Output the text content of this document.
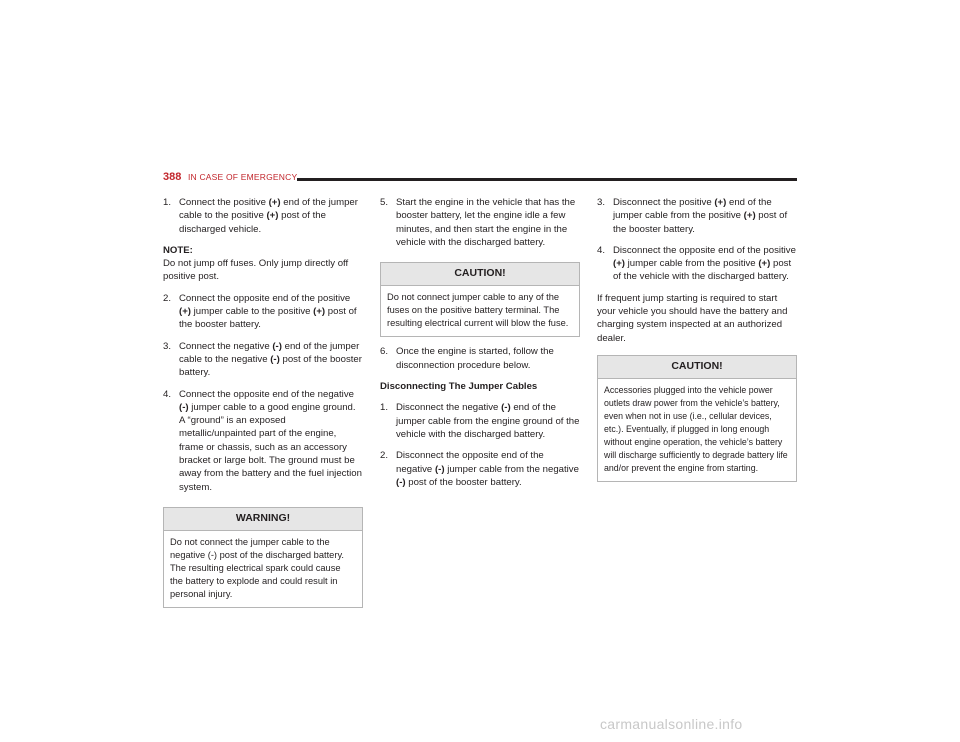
388 IN CASE OF EMERGENCY
1. Connect the positive (+) end of the jumper cable to the positive (+) post of the discharged vehicle.

NOTE:

Do not jump off fuses. Only jump directly off positive post.

2. Connect the opposite end of the positive (+) jumper cable to the positive (+) post of the booster battery.
3. Connect the negative (-) end of the jumper cable to the negative (-) post of the booster battery.
4. Connect the opposite end of the negative (-) jumper cable to a good engine ground. A “ground” is an exposed metallic/unpainted part of the engine, frame or chassis, such as an accessory bracket or large bolt. The ground must be away from the battery and the fuel injection system.
WARNING!
Do not connect the jumper cable to the negative (-) post of the discharged battery. The resulting electrical spark could cause the battery to explode and could result in personal injury.
5. Start the engine in the vehicle that has the booster battery, let the engine idle a few minutes, and then start the engine in the vehicle with the discharged battery.
CAUTION!
Do not connect jumper cable to any of the fuses on the positive battery terminal. The resulting electrical current will blow the fuse.
6. Once the engine is started, follow the disconnection procedure below.

Disconnecting The Jumper Cables

1. Disconnect the negative (-) end of the jumper cable from the engine ground of the vehicle with the discharged battery.
2. Disconnect the opposite end of the negative (-) jumper cable from the negative (-) post of the booster battery.
3. Disconnect the positive (+) end of the jumper cable from the positive (+) post of the booster battery.
4. Disconnect the opposite end of the positive (+) jumper cable from the positive (+) post of the vehicle with the discharged battery.

If frequent jump starting is required to start your vehicle you should have the battery and charging system inspected at an authorized dealer.

CAUTION!
Accessories plugged into the vehicle power outlets draw power from the vehicle’s battery, even when not in use (i.e., cellular devices, etc.). Eventually, if plugged in long enough without engine operation, the vehicle’s battery will discharge sufficiently to degrade battery life and/or prevent the engine from starting.
carmanualsonline.info
